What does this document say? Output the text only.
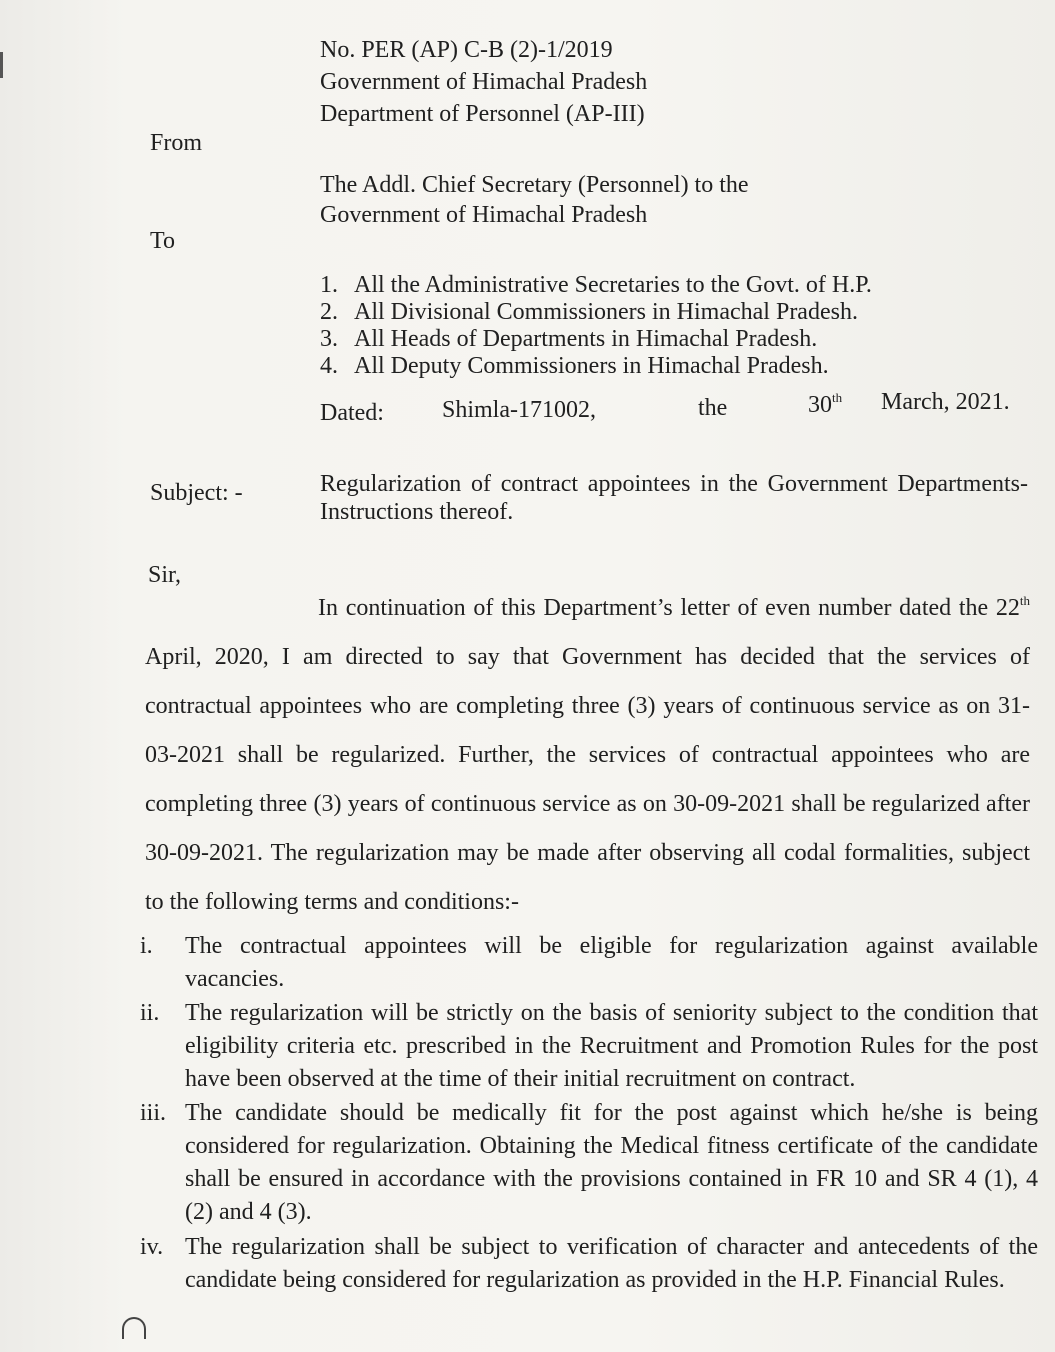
No. PER (AP) C-B (2)-1/2019
Government of Himachal Pradesh
Department of Personnel (AP-III)
From
The Addl. Chief Secretary (Personnel) to the
Government of Himachal Pradesh
To
1. All the Administrative Secretaries to the Govt. of H.P.
2. All Divisional Commissioners in Himachal Pradesh.
3. All Heads of Departments in Himachal Pradesh.
4. All Deputy Commissioners in Himachal Pradesh.
Dated: Shimla-171002,	the	30th March, 2021.
Subject: -	Regularization of contract appointees in the Government Departments-Instructions thereof.
Sir,
In continuation of this Department’s letter of even number dated the 22th April, 2020, I am directed to say that Government has decided that the services of contractual appointees who are completing three (3) years of continuous service as on 31-03-2021 shall be regularized. Further, the services of contractual appointees who are completing three (3) years of continuous service as on 30-09-2021 shall be regularized after 30-09-2021. The regularization may be made after observing all codal formalities, subject to the following terms and conditions:-
i.	The contractual appointees will be eligible for regularization against available vacancies.
ii.	The regularization will be strictly on the basis of seniority subject to the condition that eligibility criteria etc. prescribed in the Recruitment and Promotion Rules for the post have been observed at the time of their initial recruitment on contract.
iii. The candidate should be medically fit for the post against which he/she is being considered for regularization. Obtaining the Medical fitness certificate of the candidate shall be ensured in accordance with the provisions contained in FR 10 and SR 4 (1), 4 (2) and 4 (3).
iv. The regularization shall be subject to verification of character and antecedents of the candidate being considered for regularization as provided in the H.P. Financial Rules.
